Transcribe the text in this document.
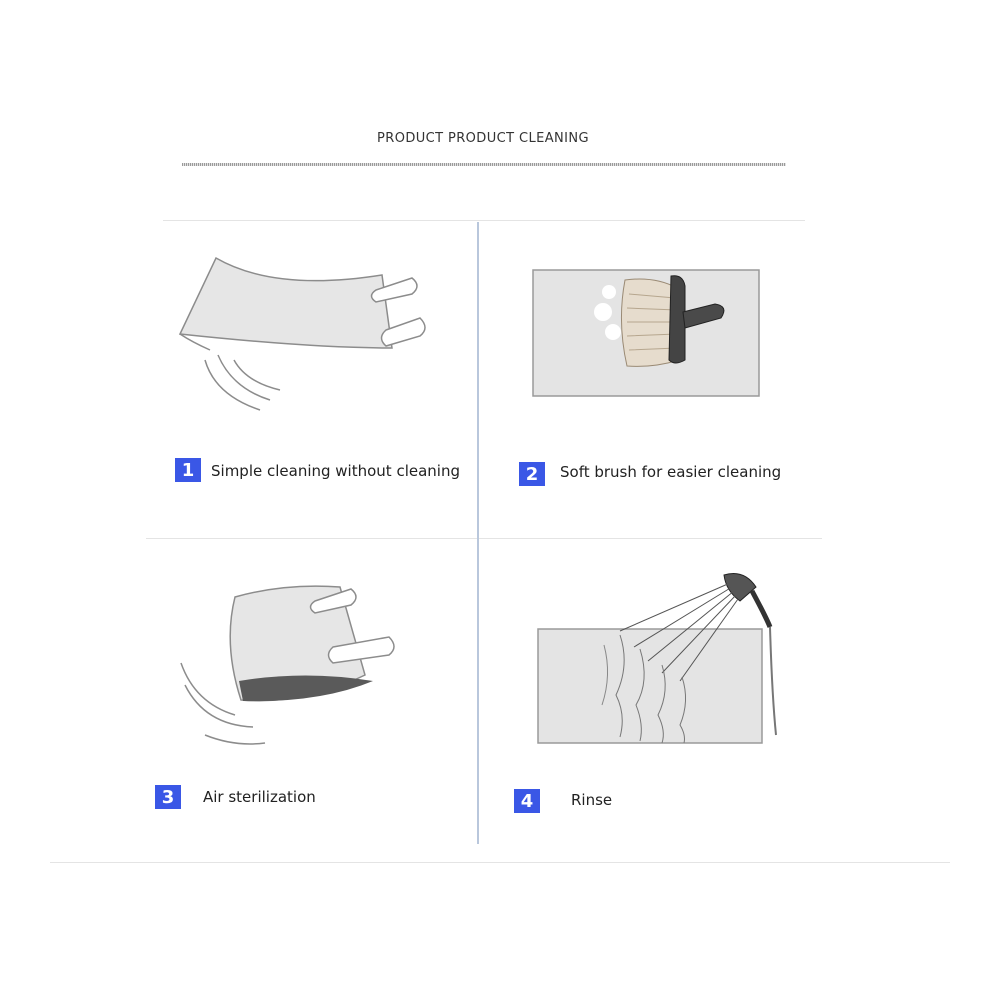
PRODUCT PRODUCT CLEANING
1	Simple cleaning without cleaning	2	Soft brush for easier cleaning
3	Air sterilization	4	Rinse
